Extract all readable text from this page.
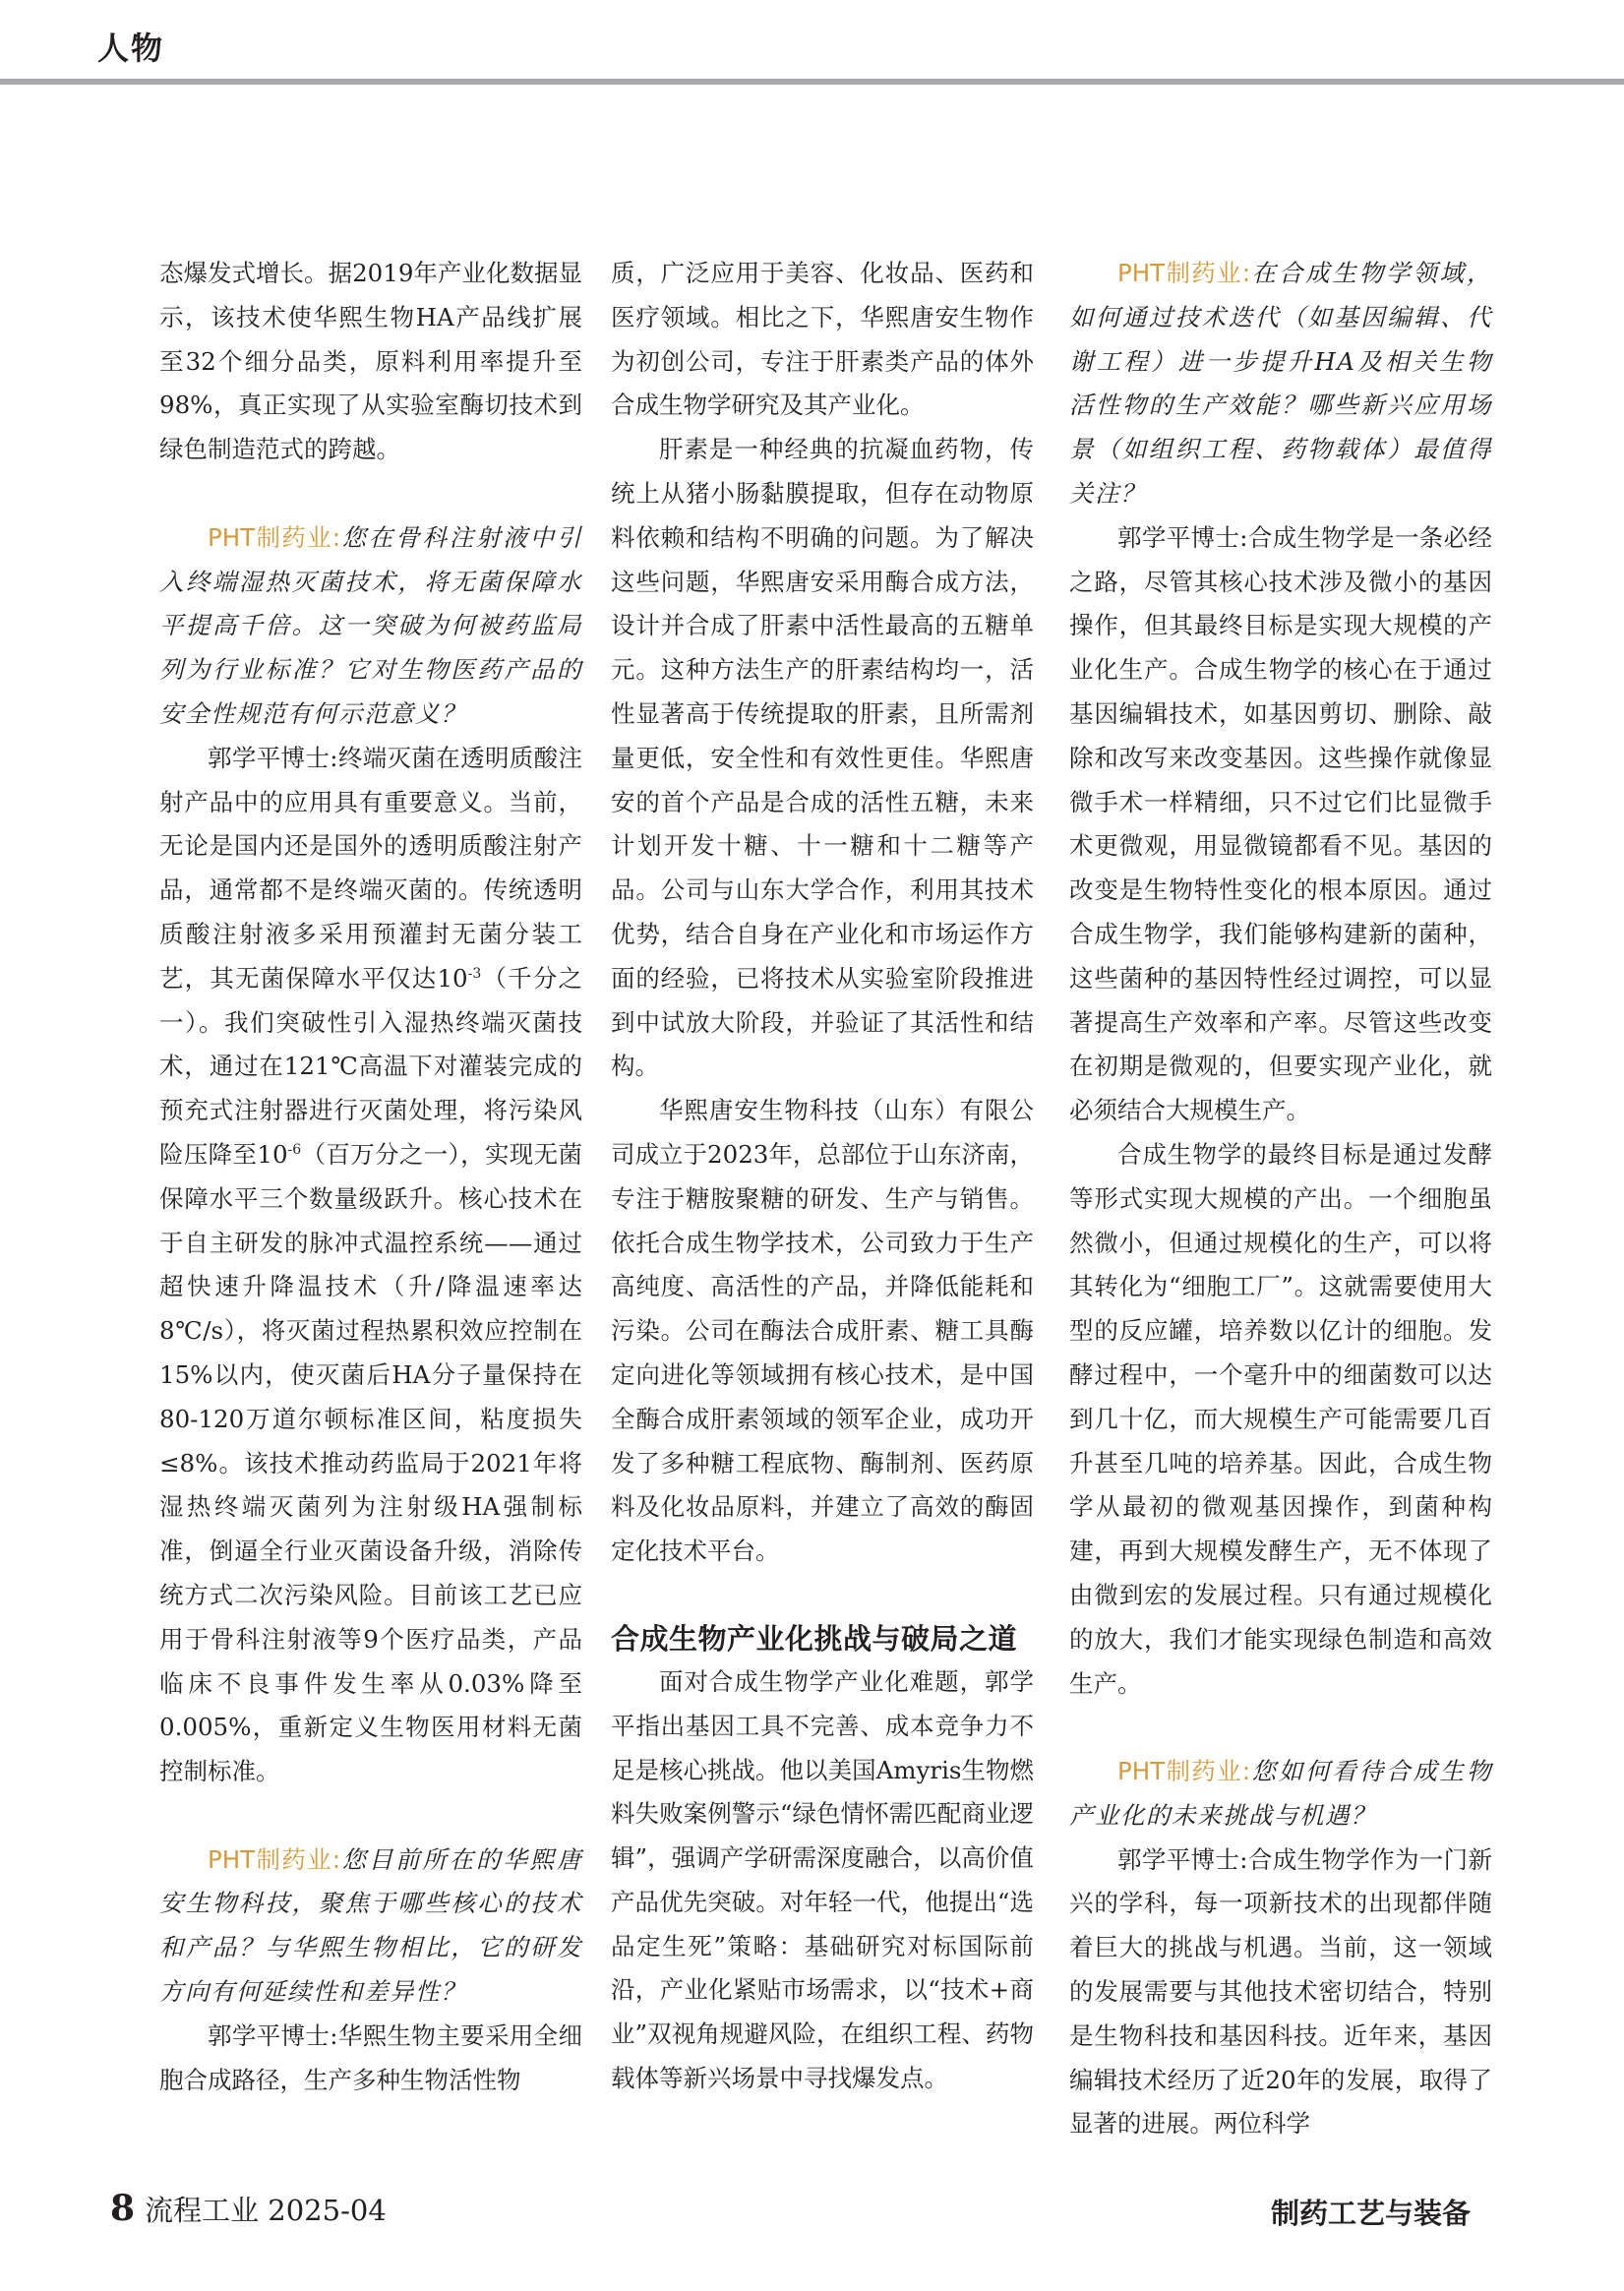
人物

态爆发式增长。据2019年产业化数据显示，该技术使华熙生物HA产品线扩展至32个细分品类，原料利用率提升至98%，真正实现了从实验室酶切技术到绿色制造范式的跨越。

PHT制药业:您在骨科注射液中引入终端湿热灭菌技术，将无菌保障水平提高千倍。这一突破为何被药监局列为行业标准？它对生物医药产品的安全性规范有何示范意义？

郭学平博士:终端灭菌在透明质酸注射产品中的应用具有重要意义。当前，无论是国内还是国外的透明质酸注射产品，通常都不是终端灭菌的。传统透明质酸注射液多采用预灌封无菌分装工艺，其无菌保障水平仅达$10^{-3}$（千分之一）。我们突破性引入湿热终端灭菌技术，通过在121℃高温下对灌装完成的预充式注射器进行灭菌处理，将污染风险压降至$10^{-6}$（百万分之一），实现无菌保障水平三个数量级跃升。核心技术在于自主研发的脉冲式温控系统——通过超快速升降温技术（升/降温速率达8℃/s），将灭菌过程热累积效应控制在15%以内，使灭菌后HA分子量保持在80-120万道尔顿标准区间，粘度损失≤8%。该技术推动药监局于2021年将湿热终端灭菌列为注射级HA强制标准，倒逼全行业灭菌设备升级，消除传统方式二次污染风险。目前该工艺已应用于骨科注射液等9个医疗品类，产品临床不良事件发生率从0.03%降至0.005%，重新定义生物医用材料无菌控制标准。

PHT制药业:您目前所在的华熙唐安生物科技，聚焦于哪些核心的技术和产品？与华熙生物相比，它的研发方向有何延续性和差异性？

郭学平博士:华熙生物主要采用全细胞合成路径，生产多种生物活性物

质，广泛应用于美容、化妆品、医药和医疗领域。相比之下，华熙唐安生物作为初创公司，专注于肝素类产品的体外合成生物学研究及其产业化。

肝素是一种经典的抗凝血药物，传统上从猪小肠黏膜提取，但存在动物原料依赖和结构不明确的问题。为了解决这些问题，华熙唐安采用酶合成方法，设计并合成了肝素中活性最高的五糖单元。这种方法生产的肝素结构均一，活性显著高于传统提取的肝素，且所需剂量更低，安全性和有效性更佳。华熙唐安的首个产品是合成的活性五糖，未来计划开发十糖、十一糖和十二糖等产品。公司与山东大学合作，利用其技术优势，结合自身在产业化和市场运作方面的经验，已将技术从实验室阶段推进到中试放大阶段，并验证了其活性和结构。

华熙唐安生物科技（山东）有限公司成立于2023年，总部位于山东济南，专注于糖胺聚糖的研发、生产与销售。依托合成生物学技术，公司致力于生产高纯度、高活性的产品，并降低能耗和污染。公司在酶法合成肝素、糖工具酶定向进化等领域拥有核心技术，是中国全酶合成肝素领域的领军企业，成功开发了多种糖工程底物、酶制剂、医药原料及化妆品原料，并建立了高效的酶固定化技术平台。

合成生物产业化挑战与破局之道

面对合成生物学产业化难题，郭学平指出基因工具不完善、成本竞争力不足是核心挑战。他以美国Amyris生物燃料失败案例警示“绿色情怀需匹配商业逻辑”，强调产学研需深度融合，以高价值产品优先突破。对年轻一代，他提出“选品定生死”策略：基础研究对标国际前沿，产业化紧贴市场需求，以“技术+商业”双视角规避风险，在组织工程、药物载体等新兴场景中寻找爆发点。

PHT制药业:在合成生物学领域，如何通过技术迭代（如基因编辑、代谢工程）进一步提升HA及相关生物活性物的生产效能？哪些新兴应用场景（如组织工程、药物载体）最值得关注？

郭学平博士:合成生物学是一条必经之路，尽管其核心技术涉及微小的基因操作，但其最终目标是实现大规模的产业化生产。合成生物学的核心在于通过基因编辑技术，如基因剪切、删除、敲除和改写来改变基因。这些操作就像显微手术一样精细，只不过它们比显微手术更微观，用显微镜都看不见。基因的改变是生物特性变化的根本原因。通过合成生物学，我们能够构建新的菌种，这些菌种的基因特性经过调控，可以显著提高生产效率和产率。尽管这些改变在初期是微观的，但要实现产业化，就必须结合大规模生产。

合成生物学的最终目标是通过发酵等形式实现大规模的产出。一个细胞虽然微小，但通过规模化的生产，可以将其转化为“细胞工厂”。这就需要使用大型的反应罐，培养数以亿计的细胞。发酵过程中，一个毫升中的细菌数可以达到几十亿，而大规模生产可能需要几百升甚至几吨的培养基。因此，合成生物学从最初的微观基因操作，到菌种构建，再到大规模发酵生产，无不体现了由微到宏的发展过程。只有通过规模化的放大，我们才能实现绿色制造和高效生产。

PHT制药业:您如何看待合成生物产业化的未来挑战与机遇？

郭学平博士:合成生物学作为一门新兴的学科，每一项新技术的出现都伴随着巨大的挑战与机遇。当前，这一领域的发展需要与其他技术密切结合，特别是生物科技和基因科技。近年来，基因编辑技术经历了近20年的发展，取得了显著的进展。两位科学

8 流程工业 2025-04	制药工艺与装备
